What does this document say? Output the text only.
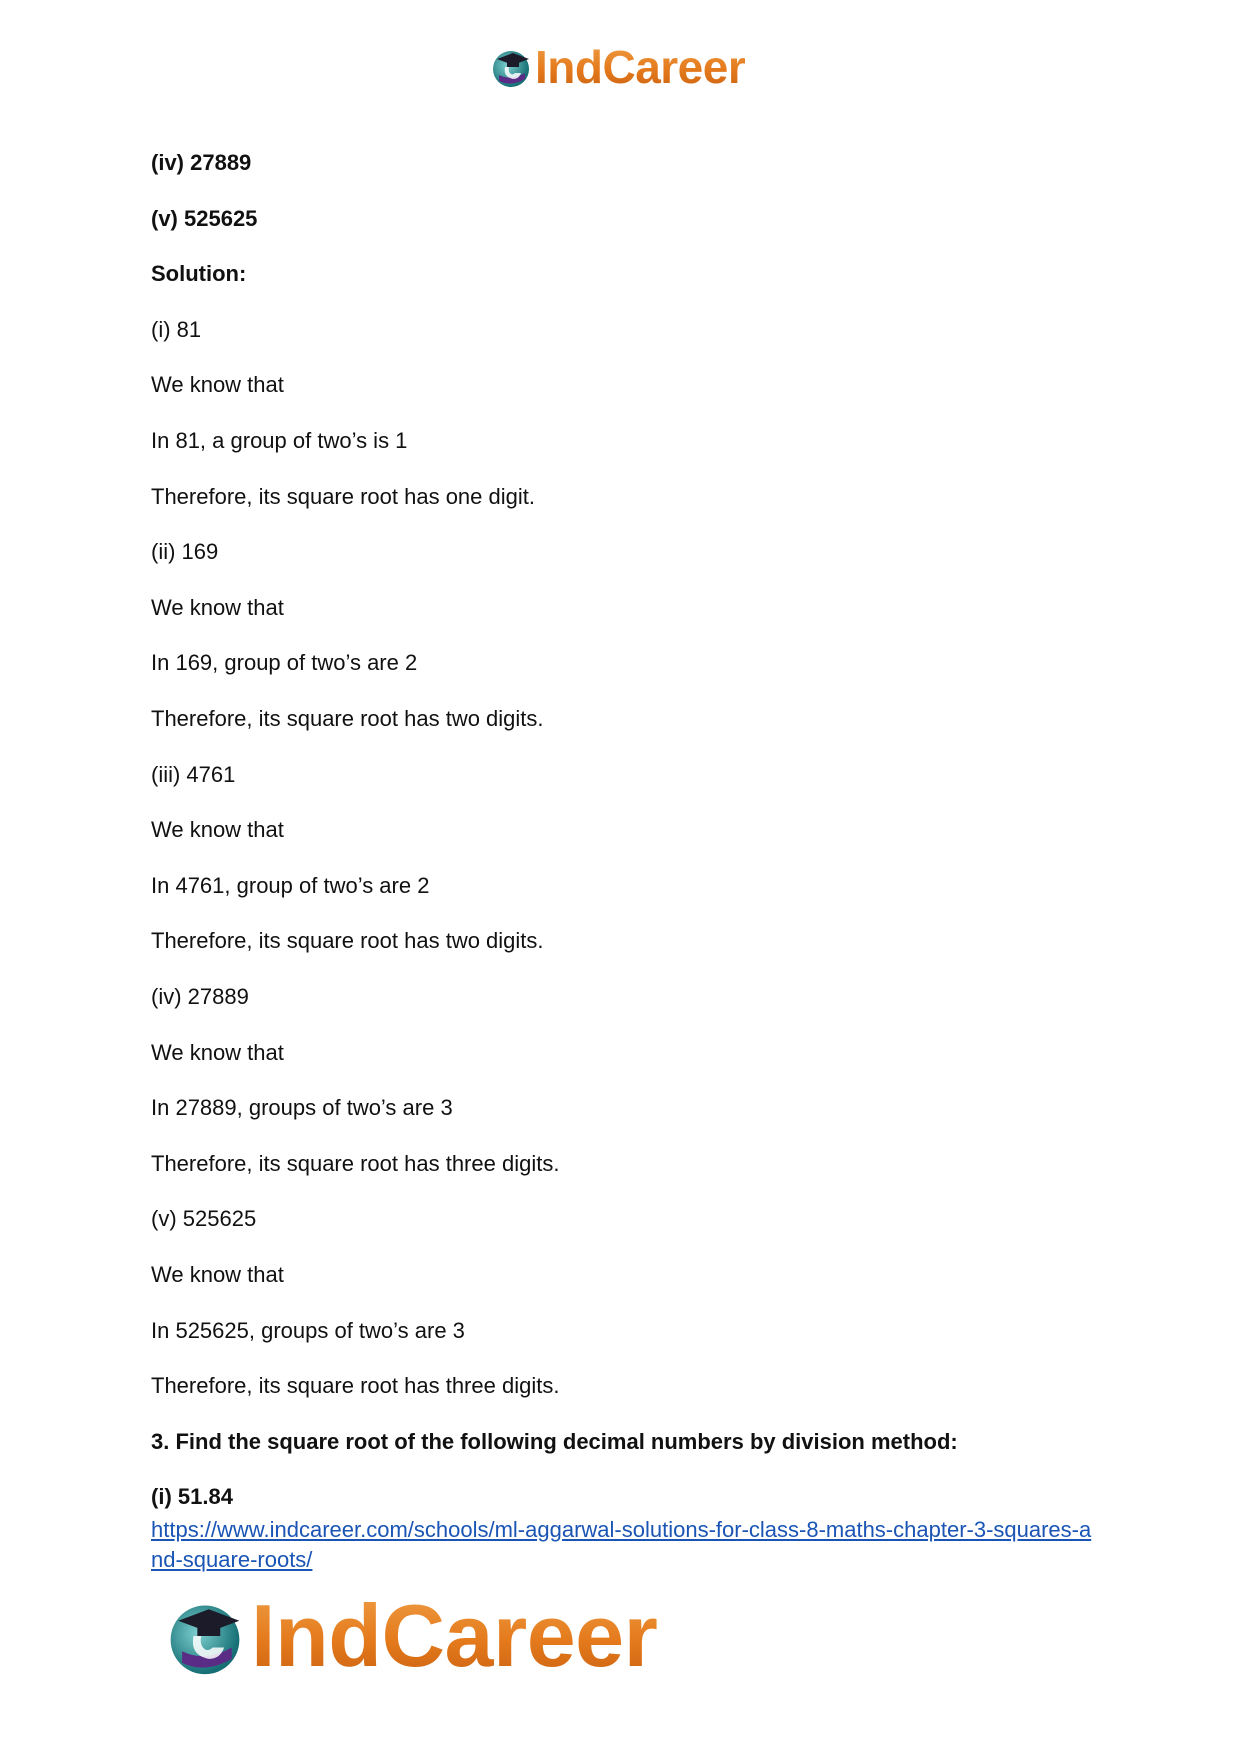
IndCareer
(iv) 27889
(v) 525625
Solution:
(i) 81
We know that
In 81, a group of two’s is 1
Therefore, its square root has one digit.
(ii) 169
We know that
In 169, group of two’s are 2
Therefore, its square root has two digits.
(iii) 4761
We know that
In 4761, group of two’s are 2
Therefore, its square root has two digits.
(iv) 27889
We know that
In 27889, groups of two’s are 3
Therefore, its square root has three digits.
(v) 525625
We know that
In 525625, groups of two’s are 3
Therefore, its square root has three digits.
3. Find the square root of the following decimal numbers by division method:
(i) 51.84
https://www.indcareer.com/schools/ml-aggarwal-solutions-for-class-8-maths-chapter-3-squares-and-square-roots/
IndCareer
